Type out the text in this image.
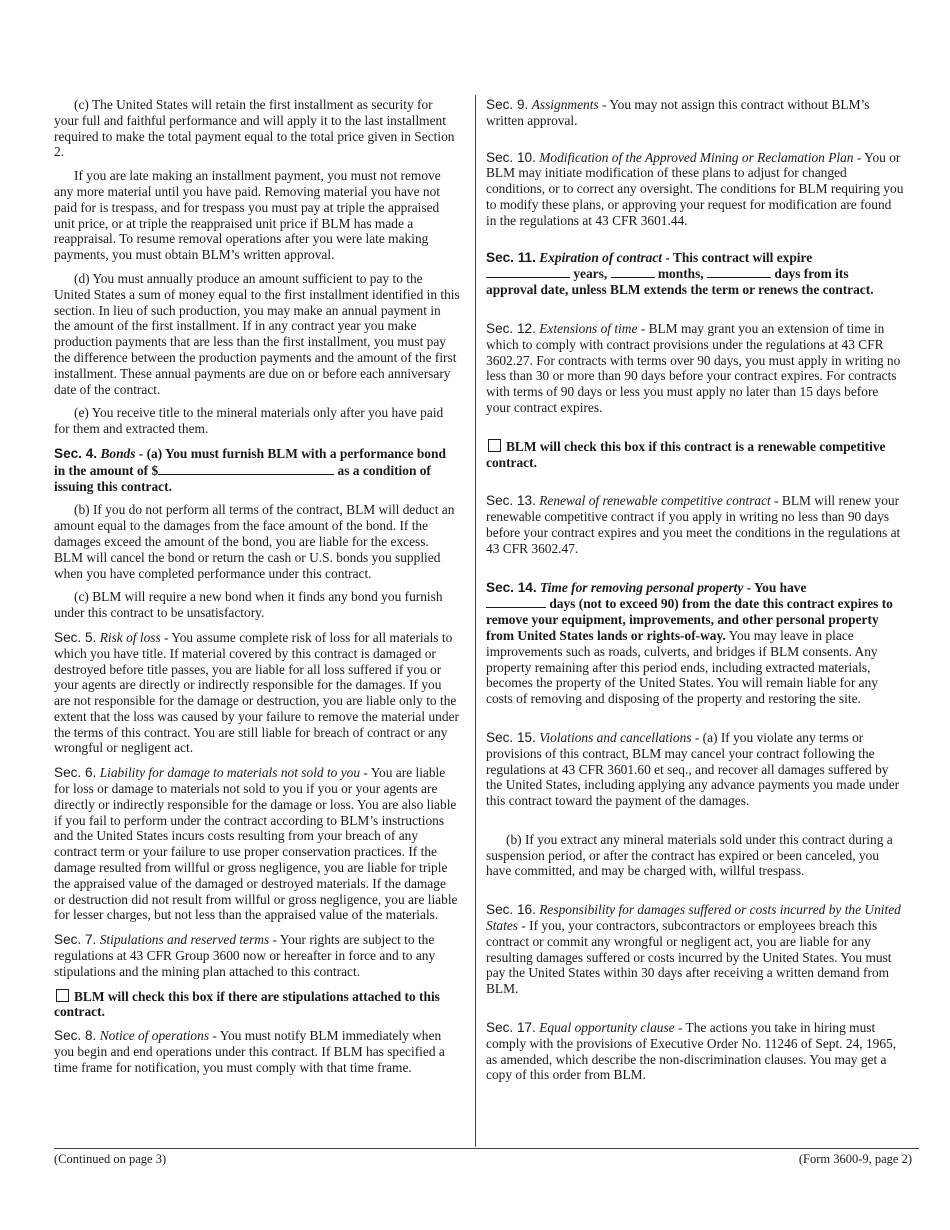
(c) The United States will retain the first installment as security for your full and faithful performance and will apply it to the last installment required to make the total payment equal to the total price given in Section 2.

If you are late making an installment payment, you must not remove any more material until you have paid. Removing material you have not paid for is trespass, and for trespass you must pay at triple the appraised unit price, or at triple the reappraised unit price if BLM has made a reappraisal. To resume removal operations after you were late making payments, you must obtain BLM’s written approval.

(d) You must annually produce an amount sufficient to pay to the United States a sum of money equal to the first installment identified in this section. In lieu of such production, you may make an annual payment in the amount of the first installment. If in any contract year you make production payments that are less than the first installment, you must pay the difference between the production payments and the amount of the first installment. These annual payments are due on or before each anniversary date of the contract.

(e) You receive title to the mineral materials only after you have paid for them and extracted them.

Sec. 4. Bonds - (a) You must furnish BLM with a performance bond in the amount of $	as a condition of issuing this contract.

(b) If you do not perform all terms of the contract, BLM will deduct an amount equal to the damages from the face amount of the bond. If the damages exceed the amount of the bond, you are liable for the excess. BLM will cancel the bond or return the cash or U.S. bonds you supplied when you have completed performance under this contract.

(c) BLM will require a new bond when it finds any bond you furnish under this contract to be unsatisfactory.

Sec. 5. Risk of loss - You assume complete risk of loss for all materials to which you have title. If material covered by this contract is damaged or destroyed before title passes, you are liable for all loss suffered if you or your agents are directly or indirectly responsible for the damages. If you are not responsible for the damage or destruction, you are liable only to the extent that the loss was caused by your failure to remove the material under the terms of this contract. You are still liable for breach of contract or any wrongful or negligent act.

Sec. 6. Liability for damage to materials not sold to you - You are liable for loss or damage to materials not sold to you if you or your agents are directly or indirectly responsible for the damage or loss. You are also liable if you fail to perform under the contract according to BLM’s instructions and the United States incurs costs resulting from your breach of any contract term or your failure to use proper conservation practices. If the damage resulted from willful or gross negligence, you are liable for triple the appraised value of the damaged or destroyed materials. If the damage or destruction did not result from willful or gross negligence, you are liable for lesser charges, but not less than the appraised value of the materials.

Sec. 7. Stipulations and reserved terms - Your rights are subject to the regulations at 43 CFR Group 3600 now or hereafter in force and to any stipulations and the mining plan attached to this contract.

BLM will check this box if there are stipulations attached to this contract.

Sec. 8. Notice of operations - You must notify BLM immediately when you begin and end operations under this contract. If BLM has specified a time frame for notification, you must comply with that time frame.

Sec. 9. Assignments - You may not assign this contract without BLM’s written approval.

Sec. 10. Modification of the Approved Mining or Reclamation Plan - You or BLM may initiate modification of these plans to adjust for changed conditions, or to correct any oversight. The conditions for BLM requiring you to modify these plans, or approving your request for modification are found in the regulations at 43 CFR 3601.44.

Sec. 11. Expiration of contract - This contract will expire
years,	months,	days from its
approval date, unless BLM extends the term or renews the contract.

Sec. 12. Extensions of time - BLM may grant you an extension of time in which to comply with contract provisions under the regulations at 43 CFR 3602.27. For contracts with terms over 90 days, you must apply in writing no less than 30 or more than 90 days before your contract expires. For contracts with terms of 90 days or less you must apply no later than 15 days before your contract expires.

BLM will check this box if this contract is a renewable competitive contract.

Sec. 13. Renewal of renewable competitive contract - BLM will renew your renewable competitive contract if you apply in writing no less than 90 days before your contract expires and you meet the conditions in the regulations at 43 CFR 3602.47.

Sec. 14. Time for removing personal property - You have
days (not to exceed 90) from the date this contract expires to remove your equipment, improvements, and other personal property from United States lands or rights-of-way. You may leave in place improvements such as roads, culverts, and bridges if BLM consents. Any property remaining after this period ends, including extracted materials, becomes the property of the United States. You will remain liable for any costs of removing and disposing of the property and restoring the site.

Sec. 15. Violations and cancellations - (a) If you violate any terms or provisions of this contract, BLM may cancel your contract following the regulations at 43 CFR 3601.60 et seq., and recover all damages suffered by the United States, including applying any advance payments you made under this contract toward the payment of the damages.

(b) If you extract any mineral materials sold under this contract during a suspension period, or after the contract has expired or been canceled, you have committed, and may be charged with, willful trespass.

Sec. 16. Responsibility for damages suffered or costs incurred by the United States - If you, your contractors, subcontractors or employees breach this contract or commit any wrongful or negligent act, you are liable for any resulting damages suffered or costs incurred by the United States. You must pay the United States within 30 days after receiving a written demand from BLM.

Sec. 17. Equal opportunity clause - The actions you take in hiring must comply with the provisions of Executive Order No. 11246 of Sept. 24, 1965, as amended, which describe the non-discrimination clauses. You may get a copy of this order from BLM.

(Continued on page 3)	(Form 3600-9, page 2)
